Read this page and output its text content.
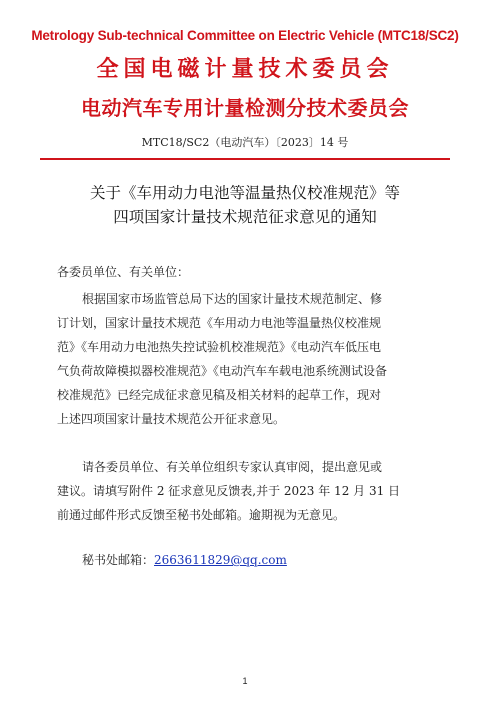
Metrology Sub-technical Committee on Electric Vehicle (MTC18/SC2)
全国电磁计量技术委员会
电动汽车专用计量检测分技术委员会
MTC18/SC2（电动汽车）〔2023〕14 号
关于《车用动力电池等温量热仪校准规范》等
四项国家计量技术规范征求意见的通知
各委员单位、有关单位：
根据国家市场监管总局下达的国家计量技术规范制定、修
订计划，国家计量技术规范《车用动力电池等温量热仪校准规
范》《车用动力电池热失控试验机校准规范》《电动汽车低压电
气负荷故障模拟器校准规范》《电动汽车车载电池系统测试设备
校准规范》已经完成征求意见稿及相关材料的起草工作，现对
上述四项国家计量技术规范公开征求意见。
请各委员单位、有关单位组织专家认真审阅，提出意见或
建议。请填写附件 2 征求意见反馈表,并于 2023 年 12 月 31 日
前通过邮件形式反馈至秘书处邮箱。逾期视为无意见。
秘书处邮箱：2663611829@qq.com
1
